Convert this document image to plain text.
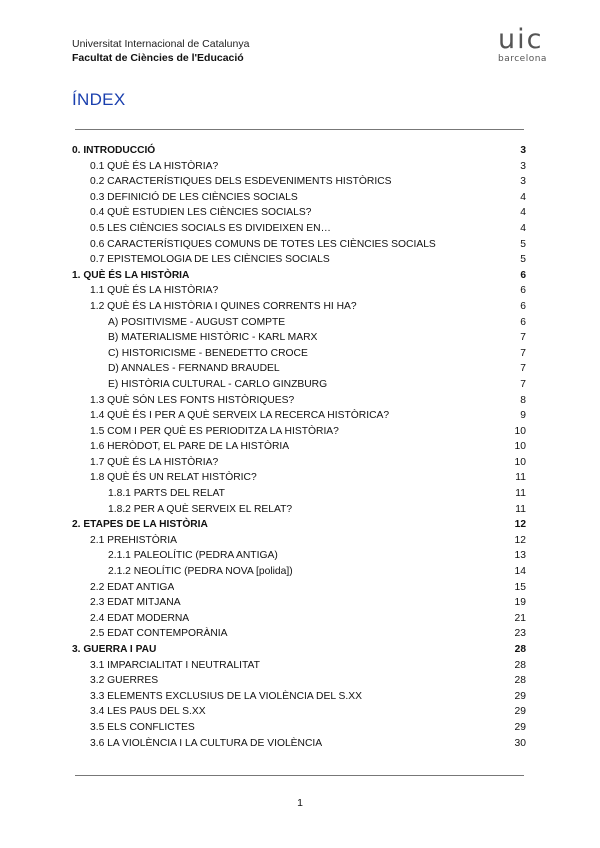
Universitat Internacional de Catalunya
Facultat de Ciències de l'Educació
uic
barcelona
ÍNDEX
0. INTRODUCCIÓ	3
0.1 QUÈ ÉS LA HISTÒRIA?	3
0.2 CARACTERÍSTIQUES DELS ESDEVENIMENTS HISTÒRICS	3
0.3 DEFINICIÓ DE LES CIÈNCIES SOCIALS	4
0.4 QUÈ ESTUDIEN LES CIÈNCIES SOCIALS?	4
0.5 LES CIÈNCIES SOCIALS ES DIVIDEIXEN EN…	4
0.6 CARACTERÍSTIQUES COMUNS DE TOTES LES CIÈNCIES SOCIALS	5
0.7 EPISTEMOLOGIA DE LES CIÈNCIES SOCIALS	5
1. QUÈ ÉS LA HISTÒRIA	6
1.1 QUÈ ÉS LA HISTÒRIA?	6
1.2 QUÈ ÉS LA HISTÒRIA I QUINES CORRENTS HI HA?	6
A) POSITIVISME - AUGUST COMPTE	6
B) MATERIALISME HISTÒRIC - KARL MARX	7
C) HISTORICISME - BENEDETTO CROCE	7
D) ANNALES - FERNAND BRAUDEL	7
E) HISTÒRIA CULTURAL - CARLO GINZBURG	7
1.3 QUÈ SÓN LES FONTS HISTÒRIQUES?	8
1.4 QUÈ ÉS I PER A QUÈ SERVEIX LA RECERCA HISTÒRICA?	9
1.5 COM I PER QUÈ ES PERIODITZA LA HISTÒRIA?	10
1.6 HERÒDOT, EL PARE DE LA HISTÒRIA	10
1.7 QUÈ ÉS LA HISTÒRIA?	10
1.8 QUÈ ÉS UN RELAT HISTÒRIC?	11
1.8.1 PARTS DEL RELAT	11
1.8.2 PER A QUÈ SERVEIX EL RELAT?	11
2. ETAPES DE LA HISTÒRIA	12
2.1 PREHISTÒRIA	12
2.1.1 PALEOLÍTIC (PEDRA ANTIGA)	13
2.1.2 NEOLÍTIC (PEDRA NOVA [polida])	14
2.2 EDAT ANTIGA	15
2.3 EDAT MITJANA	19
2.4 EDAT MODERNA	21
2.5 EDAT CONTEMPORÀNIA	23
3. GUERRA I PAU	28
3.1 IMPARCIALITAT I NEUTRALITAT	28
3.2 GUERRES	28
3.3 ELEMENTS EXCLUSIUS DE LA VIOLÈNCIA DEL S.XX	29
3.4 LES PAUS DEL S.XX	29
3.5 ELS CONFLICTES	29
3.6 LA VIOLÈNCIA I LA CULTURA DE VIOLÈNCIA	30
1
